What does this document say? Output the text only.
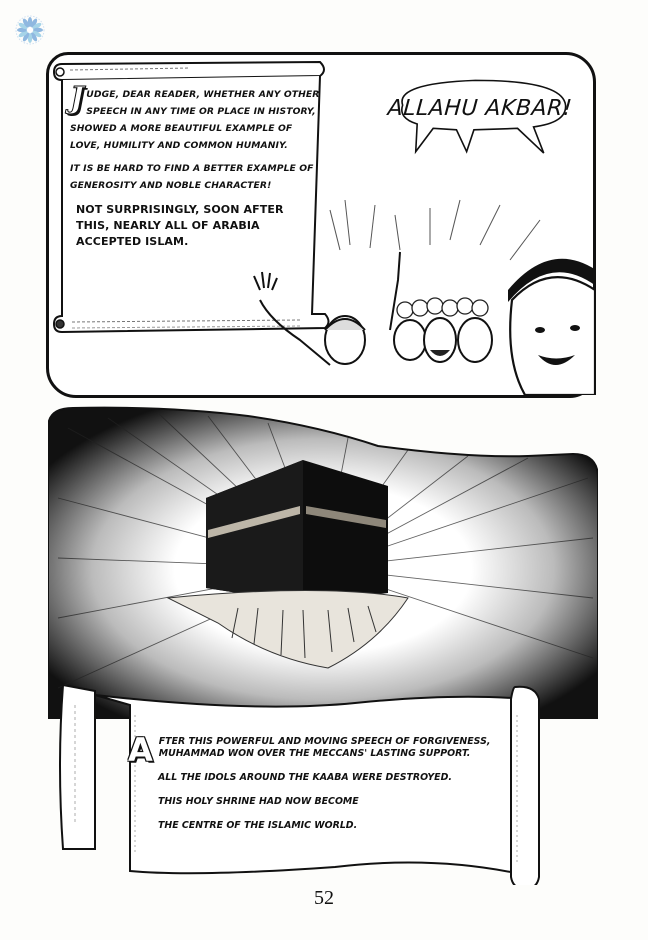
JUDGE, DEAR READER, WHETHER ANY OTHER SPEECH IN ANY TIME OR PLACE IN HISTORY, SHOWED A MORE BEAUTIFUL EXAMPLE OF LOVE, HUMILITY AND COMMON HUMANIY.

IT IS BE HARD TO FIND A BETTER EXAMPLE OF GENEROSITY AND NOBLE CHARACTER!

NOT SURPRISINGLY, SOON AFTER THIS, NEARLY ALL OF ARABIA ACCEPTED ISLAM.

ALLAHU AKBAR!

AFTER THIS POWERFUL AND MOVING SPEECH OF FORGIVENESS, MUHAMMAD WON OVER THE MECCANS' LASTING SUPPORT.

ALL THE IDOLS AROUND THE KAABA WERE DESTROYED.

THIS HOLY SHRINE HAD NOW BECOME

THE CENTRE OF THE ISLAMIC WORLD.

52
